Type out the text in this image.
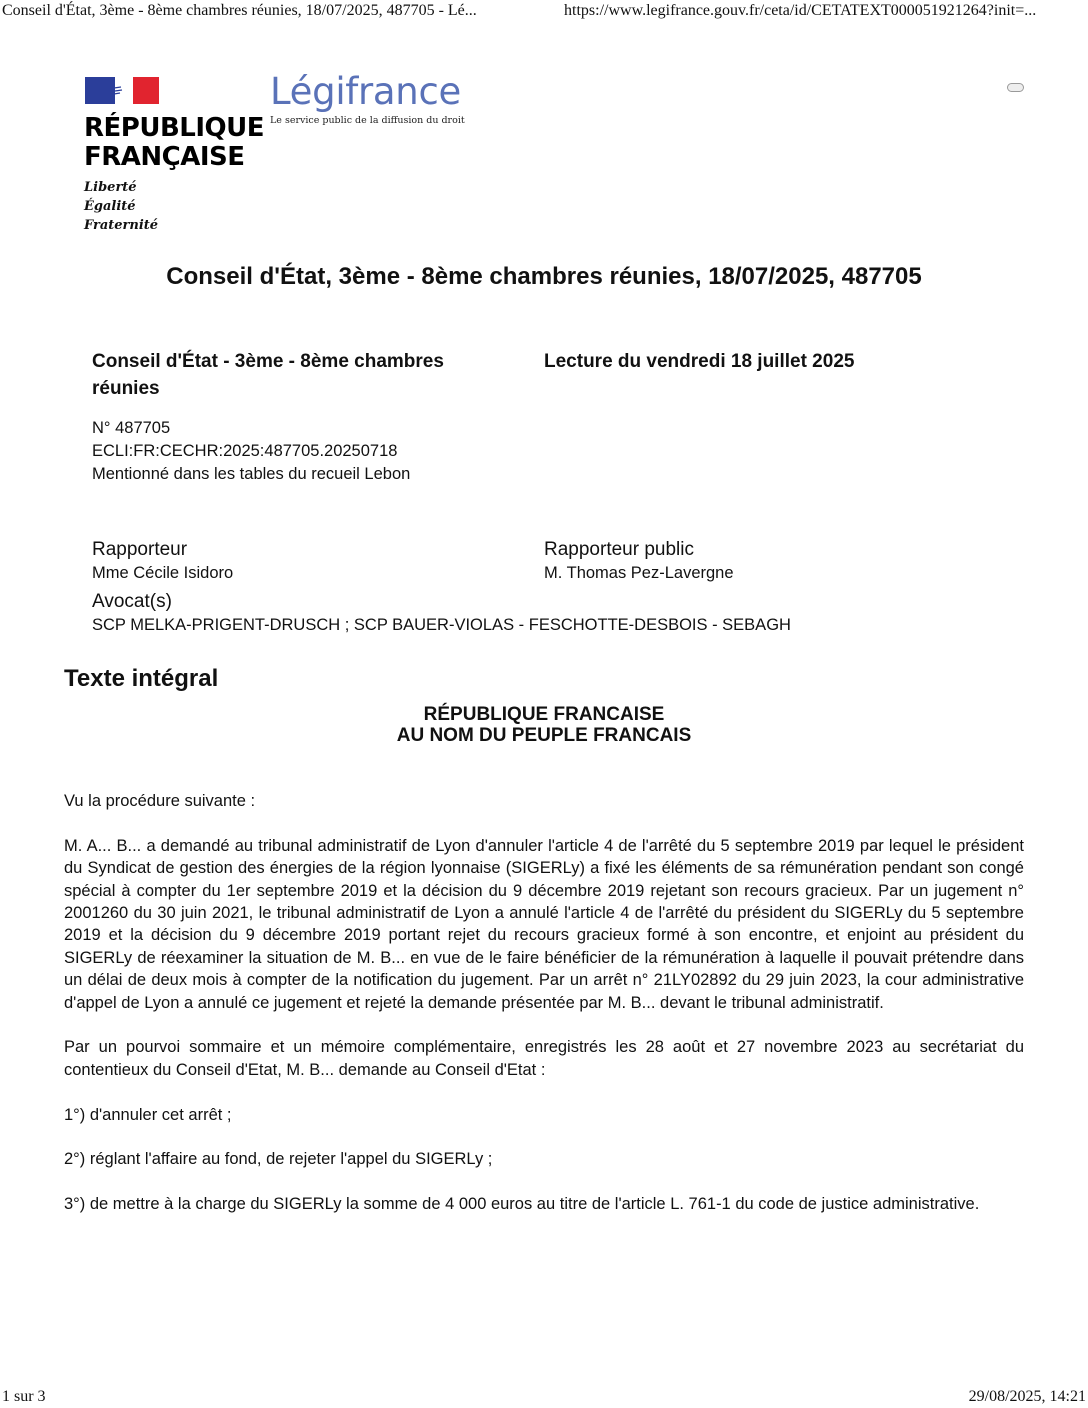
Conseil d'État, 3ème - 8ème chambres réunies, 18/07/2025, 487705 - Lé...	https://www.legifrance.gouv.fr/ceta/id/CETATEXT000051921264?init=...
RÉPUBLIQUE
FRANÇAISE
Liberté
Égalité
Fraternité
Légifrance
Le service public de la diffusion du droit
Conseil d'État, 3ème - 8ème chambres réunies, 18/07/2025, 487705
Conseil d'État - 3ème - 8ème chambres réunies
N° 487705
ECLI:FR:CECHR:2025:487705.20250718
Mentionné dans les tables du recueil Lebon
Lecture du vendredi 18 juillet 2025
Rapporteur
Mme Cécile Isidoro
Rapporteur public
M. Thomas Pez-Lavergne
Avocat(s)
SCP MELKA-PRIGENT-DRUSCH ; SCP BAUER-VIOLAS - FESCHOTTE-DESBOIS - SEBAGH
Texte intégral
RÉPUBLIQUE FRANCAISE
AU NOM DU PEUPLE FRANCAIS

Vu la procédure suivante :

M. A... B... a demandé au tribunal administratif de Lyon d'annuler l'article 4 de l'arrêté du 5 septembre 2019 par lequel le président du Syndicat de gestion des énergies de la région lyonnaise (SIGERLy) a fixé les éléments de sa rémunération pendant son congé spécial à compter du 1er septembre 2019 et la décision du 9 décembre 2019 rejetant son recours gracieux. Par un jugement n° 2001260 du 30 juin 2021, le tribunal administratif de Lyon a annulé l'article 4 de l'arrêté du président du SIGERLy du 5 septembre 2019 et la décision du 9 décembre 2019 portant rejet du recours gracieux formé à son encontre, et enjoint au président du SIGERLy de réexaminer la situation de M. B... en vue de le faire bénéficier de la rémunération à laquelle il pouvait prétendre dans un délai de deux mois à compter de la notification du jugement. Par un arrêt n° 21LY02892 du 29 juin 2023, la cour administrative d'appel de Lyon a annulé ce jugement et rejeté la demande présentée par M. B... devant le tribunal administratif.

Par un pourvoi sommaire et un mémoire complémentaire, enregistrés les 28 août et 27 novembre 2023 au secrétariat du contentieux du Conseil d'Etat, M. B... demande au Conseil d'Etat :

1°) d'annuler cet arrêt ;

2°) réglant l'affaire au fond, de rejeter l'appel du SIGERLy ;

3°) de mettre à la charge du SIGERLy la somme de 4 000 euros au titre de l'article L. 761-1 du code de justice administrative.

1 sur 3	29/08/2025, 14:21
